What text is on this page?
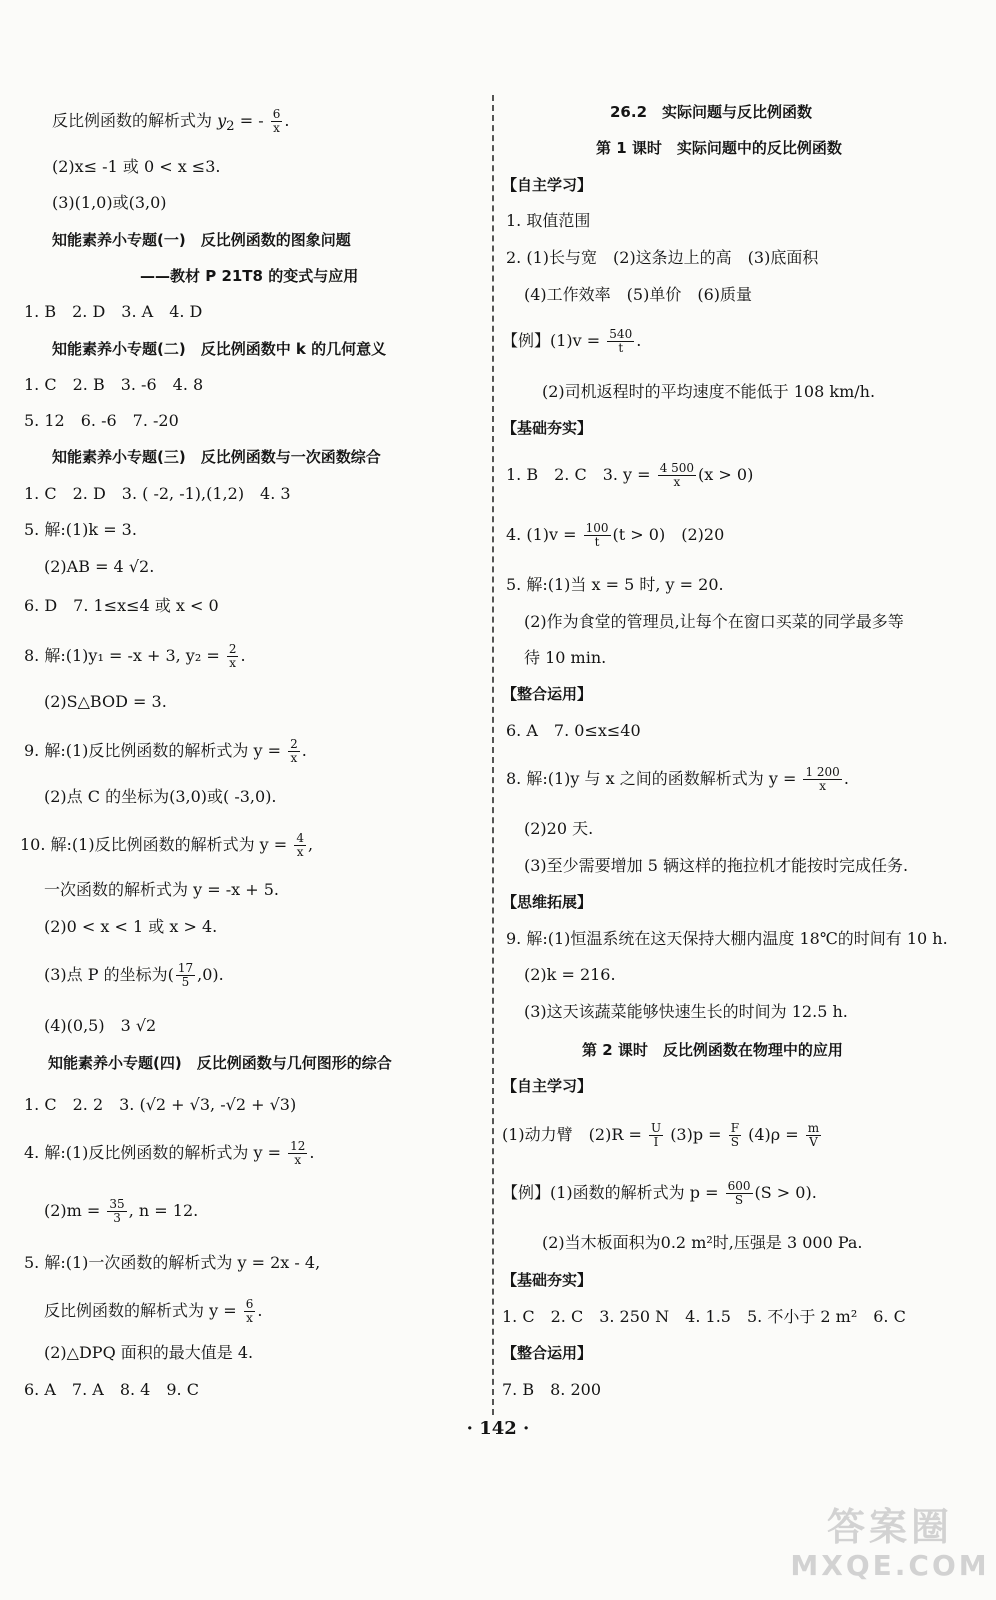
反比例函数的解析式为 $y_2$ = - $\frac{6}{x}$ .
(2)x≤ -1 或 0 < x ≤3.
(3)(1,0)或(3,0)
知能素养小专题(一)　反比例函数的图象问题
——教材 P 21T8 的变式与应用
1. B　2. D　3. A　4. D
知能素养小专题(二)　反比例函数中 k 的几何意义
1. C　2. B　3. -6　4. 8
5. 12　6. -6　7. -20
知能素养小专题(三)　反比例函数与一次函数综合
1. C　2. D　3. ( -2, -1),(1,2)　4. 3
5. 解:(1)k = 3.
(2)AB = 4 √2.
6. D　7. 1≤x≤4 或 x < 0
8. 解:(1)y₁ = -x + 3, $y_2 = \frac{2}{x}$ .
(2)S△BOD = 3.
9. 解:(1)反比例函数的解析式为 $y = \frac{2}{x}$ .
(2)点 C 的坐标为(3,0)或( -3,0).
10. 解:(1)反比例函数的解析式为 $y = \frac{4}{x}$ ,
一次函数的解析式为 y = -x + 5.
(2)0 < x < 1 或 x > 4.
(3)点 P 的坐标为( $\frac{17}{5} ,0$).
(4)(0,5)　3 √2
知能素养小专题(四)　反比例函数与几何图形的综合
1. C　2. 2　3. (√2 + √3, -√2 + √3)
4. 解:(1)反比例函数的解析式为 $y = \frac{12}{x}$ .
$(2)m = \frac{35}{3}$ , n = 12.
5. 解:(1)一次函数的解析式为 y = 2x - 4,
反比例函数的解析式为 $y = \frac{6}{x}$ .
(2)△DPQ 面积的最大值是 4.
6. A　7. A　8. 4　9. C
26.2　实际问题与反比例函数
第 1 课时　实际问题中的反比例函数
【自主学习】
1. 取值范围
2. (1)长与宽　(2)这条边上的高　(3)底面积
(4)工作效率　(5)单价　(6)质量
【例】$(1)v = \frac{540}{t}$ .
(2)司机返程时的平均速度不能低于 108 km/h.
【基础夯实】
1. B　2. C　3. $y = \frac{4 500}{x} (x > 0)$
4. $(1)v = \frac{100}{t} (t > 0)$　(2)20
5. 解:(1)当 x = 5 时, y = 20.
(2)作为食堂的管理员,让每个在窗口买菜的同学最多等
待 10 min.
【整合运用】
6. A　7. 0≤x≤40
8. 解:(1)y 与 x 之间的函数解析式为 $y = \frac{1 200}{x}$ .
(2)20 天.
(3)至少需要增加 5 辆这样的拖拉机才能按时完成任务.
【思维拓展】
9. 解:(1)恒温系统在这天保持大棚内温度 18℃的时间有 10 h.
(2)k = 216.
(3)这天该蔬菜能够快速生长的时间为 12.5 h.
第 2 课时　反比例函数在物理中的应用
【自主学习】
(1)动力臂　$(2)R = \frac{U}{I} (3)p = \frac{F}{S} (4)\rho = \frac{m}{V}$
【例】(1)函数的解析式为 $p = \frac{600}{S} (S > 0)$.
(2)当木板面积为0.2 m²时,压强是 3 000 Pa.
【基础夯实】
1. C　2. C　3. 250 N　4. 1.5　5. 不小于 2 m²　6. C
【整合运用】
7. B　8. 200
· 142 ·
答案圈
MXQE.COM
